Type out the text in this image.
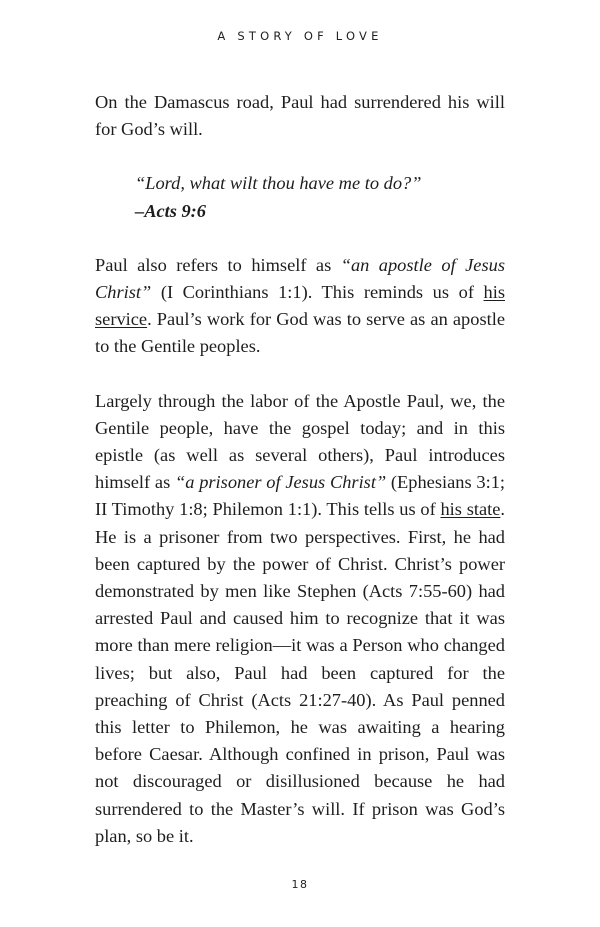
A STORY OF LOVE

On the Damascus road, Paul had surrendered his will for God’s will.

“Lord, what wilt thou have me to do?”

–Acts 9:6

Paul also refers to himself as “an apostle of Jesus Christ” (I Corinthians 1:1). This reminds us of his service. Paul’s work for God was to serve as an apostle to the Gentile peoples.

Largely through the labor of the Apostle Paul, we, the Gentile people, have the gospel today; and in this epistle (as well as several others), Paul introduces himself as “a prisoner of Jesus Christ” (Ephesians 3:1; II Timothy 1:8; Philemon 1:1). This tells us of his state. He is a prisoner from two perspectives. First, he had been captured by the power of Christ. Christ’s power demonstrated by men like Stephen (Acts 7:55-60) had arrested Paul and caused him to recognize that it was more than mere religion—it was a Person who changed lives; but also, Paul had been captured for the preaching of Christ (Acts 21:27-40). As Paul penned this letter to Philemon, he was awaiting a hearing before Caesar. Although confined in prison, Paul was not discouraged or disillusioned because he had surrendered to the Master’s will. If prison was God’s plan, so be it.

18
